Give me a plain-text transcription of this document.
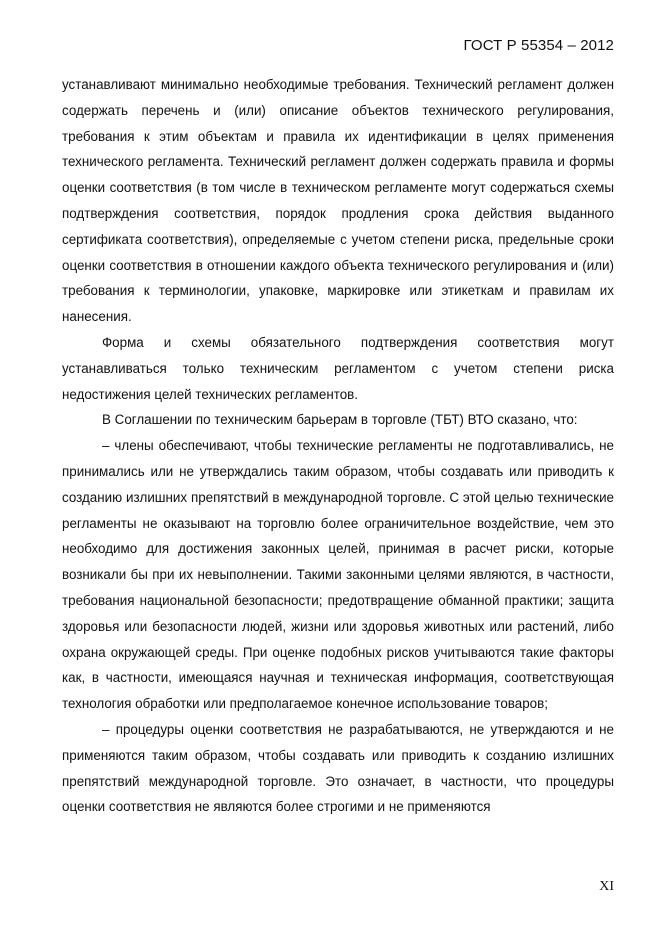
ГОСТ Р 55354 – 2012

устанавливают минимально необходимые требования. Технический регламент должен содержать перечень и (или) описание объектов технического регулирования, требования к этим объектам и правила их идентификации в целях применения технического регламента. Технический регламент должен содержать правила и формы оценки соответствия (в том числе в техническом регламенте могут содержаться схемы подтверждения соответствия, порядок продления срока действия выданного сертификата соответствия), определяемые с учетом степени риска, предельные сроки оценки соответствия в отношении каждого объекта технического регулирования и (или) требования к терминологии, упаковке, маркировке или этикеткам и правилам их нанесения.

Форма и схемы обязательного подтверждения соответствия могут устанавливаться только техническим регламентом с учетом степени риска недостижения целей технических регламентов.

В Соглашении по техническим барьерам в торговле (ТБТ) ВТО сказано, что:

– члены обеспечивают, чтобы технические регламенты не подготавливались, не принимались или не утверждались таким образом, чтобы создавать или приводить к созданию излишних препятствий в международной торговле. С этой целью технические регламенты не оказывают на торговлю более ограничительное воздействие, чем это необходимо для достижения законных целей, принимая в расчет риски, которые возникали бы при их невыполнении. Такими законными целями являются, в частности, требования национальной безопасности; предотвращение обманной практики; защита здоровья или безопасности людей, жизни или здоровья животных или растений, либо охрана окружающей среды. При оценке подобных рисков учитываются такие факторы как, в частности, имеющаяся научная и техническая информация, соответствующая технология обработки или предполагаемое конечное использование товаров;

– процедуры оценки соответствия не разрабатываются, не утверждаются и не применяются таким образом, чтобы создавать или приводить к созданию излишних препятствий международной торговле. Это означает, в частности, что процедуры оценки соответствия не являются более строгими и не применяются

XI
